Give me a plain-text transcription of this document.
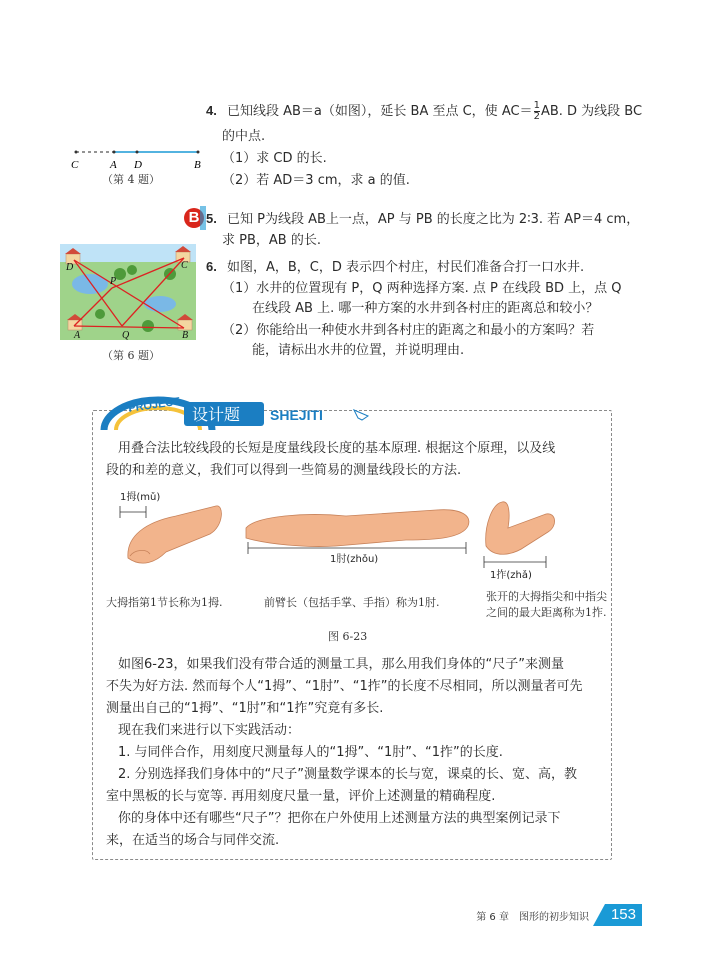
4. 已知线段 AB＝a（如图），延长 BA 至点 C，使 $AC= \frac{1}{2}$ AB. D 为线段 BC
的中点.
（1）求 CD 的长.
（2）若 AD＝3 cm，求 a 的值.
C	A D	B
（第 4 题）
B 5. 已知 P为线段 AB上一点，AP 与 PB 的长度之比为 2∶3. 若 AP＝4 cm，
求 PB，AB 的长.
D	C
P
A	Q	B
（第 6 题）
6. 如图，A，B，C，D 表示四个村庄，村民们准备合打一口水井.
（1）水井的位置现有 P，Q 两种选择方案. 点 P 在线段 BD 上，点 Q
在线段 AB 上. 哪一种方案的水井到各村庄的距离总和较小？
（2）你能给出一种使水井到各村庄的距离之和最小的方案吗？若
能，请标出水井的位置，并说明理由.
PROJECT 设计题 SHEJITI
用叠合法比较线段的长短是度量线段长度的基本原理. 根据这个原理，以及线
段的和差的意义，我们可以得到一些简易的测量线段长的方法.
1拇(mǔ)
1肘(zhǒu)
1拃(zhǎ)
大拇指第1节长称为1拇.	前臂长（包括手掌、手指）称为1肘.	张开的大拇指尖和中指尖
之间的最大距离称为1拃.
图 6-23
如图6-23，如果我们没有带合适的测量工具，那么用我们身体的“尺子”来测量
不失为好方法. 然而每个人“1拇”、“1肘”、“1拃”的长度不尽相同，所以测量者可先
测量出自己的“1拇”、“1肘”和“1拃”究竟有多长.
现在我们来进行以下实践活动：
1. 与同伴合作，用刻度尺测量每人的“1拇”、“1肘”、“1拃”的长度.
2. 分别选择我们身体中的“尺子”测量数学课本的长与宽，课桌的长、宽、高，教
室中黑板的长与宽等. 再用刻度尺量一量，评价上述测量的精确程度.
你的身体中还有哪些“尺子”？把你在户外使用上述测量方法的典型案例记录下
来，在适当的场合与同伴交流.
第 6 章　图形的初步知识	153
